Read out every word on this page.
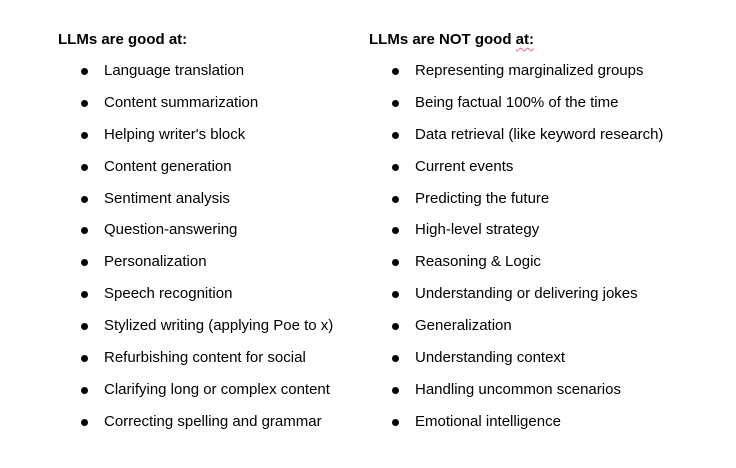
LLMs are good at:
Language translation
Content summarization
Helping writer's block
Content generation
Sentiment analysis
Question-answering
Personalization
Speech recognition
Stylized writing (applying Poe to x)
Refurbishing content for social
Clarifying long or complex content
Correcting spelling and grammar
LLMs are NOT good at:
Representing marginalized groups
Being factual 100% of the time
Data retrieval (like keyword research)
Current events
Predicting the future
High-level strategy
Reasoning & Logic
Understanding or delivering jokes
Generalization
Understanding context
Handling uncommon scenarios
Emotional intelligence
